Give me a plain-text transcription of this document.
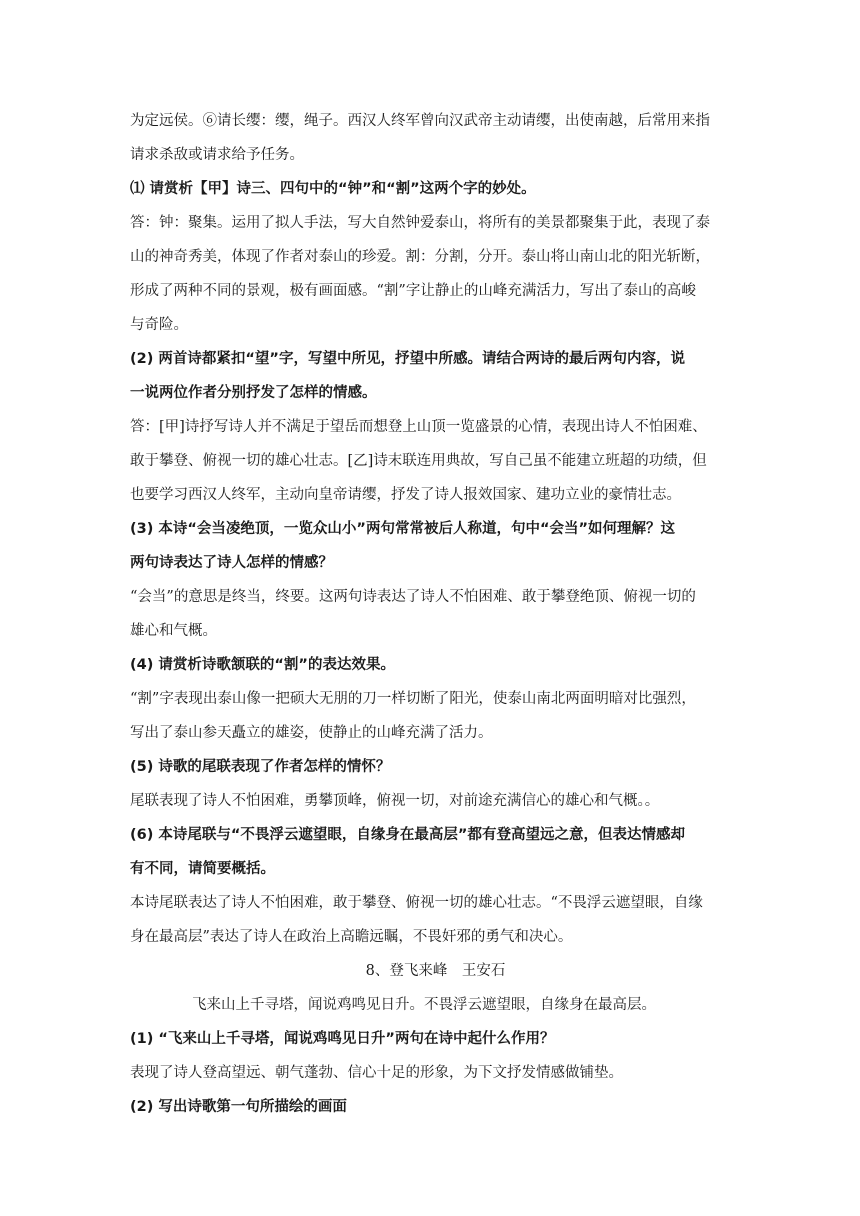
为定远侯。⑥请长缨：缨，绳子。西汉人终军曾向汉武帝主动请缨，出使南越，后常用来指
请求杀敌或请求给予任务。
⑴ 请赏析【甲】诗三、四句中的“钟”和“割”这两个字的妙处。
答：钟：聚集。运用了拟人手法，写大自然钟爱泰山，将所有的美景都聚集于此，表现了泰
山的神奇秀美，体现了作者对泰山的珍爱。割：分割，分开。泰山将山南山北的阳光斩断，
形成了两种不同的景观，极有画面感。“割”字让静止的山峰充满活力，写出了泰山的高峻
与奇险。
(2) 两首诗都紧扣“望”字，写望中所见，抒望中所感。请结合两诗的最后两句内容，说
一说两位作者分别抒发了怎样的情感。
答：[甲]诗抒写诗人并不满足于望岳而想登上山顶一览盛景的心情，表现出诗人不怕困难、
敢于攀登、俯视一切的雄心壮志。[乙]诗末联连用典故，写自己虽不能建立班超的功绩，但
也要学习西汉人终军，主动向皇帝请缨，抒发了诗人报效国家、建功立业的豪情壮志。
(3) 本诗“会当凌绝顶，一览众山小”两句常常被后人称道，句中“会当”如何理解？这
两句诗表达了诗人怎样的情感？
“会当”的意思是终当，终要。这两句诗表达了诗人不怕困难、敢于攀登绝顶、俯视一切的
雄心和气概。
(4) 请赏析诗歌颔联的“割”的表达效果。
“割”字表现出泰山像一把硕大无朋的刀一样切断了阳光，使泰山南北两面明暗对比强烈，
写出了泰山参天矗立的雄姿，使静止的山峰充满了活力。
(5) 诗歌的尾联表现了作者怎样的情怀？
尾联表现了诗人不怕困难，勇攀顶峰，俯视一切，对前途充满信心的雄心和气概。。
(6) 本诗尾联与“不畏浮云遮望眼，自缘身在最高层”都有登高望远之意，但表达情感却
有不同，请简要概括。
本诗尾联表达了诗人不怕困难，敢于攀登、俯视一切的雄心壮志。“不畏浮云遮望眼，自缘
身在最高层”表达了诗人在政治上高瞻远瞩，不畏奸邪的勇气和决心。
8、登飞来峰　王安石
飞来山上千寻塔，闻说鸡鸣见日升。不畏浮云遮望眼，自缘身在最高层。
(1) “飞来山上千寻塔，闻说鸡鸣见日升”两句在诗中起什么作用？
表现了诗人登高望远、朝气蓬勃、信心十足的形象，为下文抒发情感做铺垫。
(2) 写出诗歌第一句所描绘的画面
